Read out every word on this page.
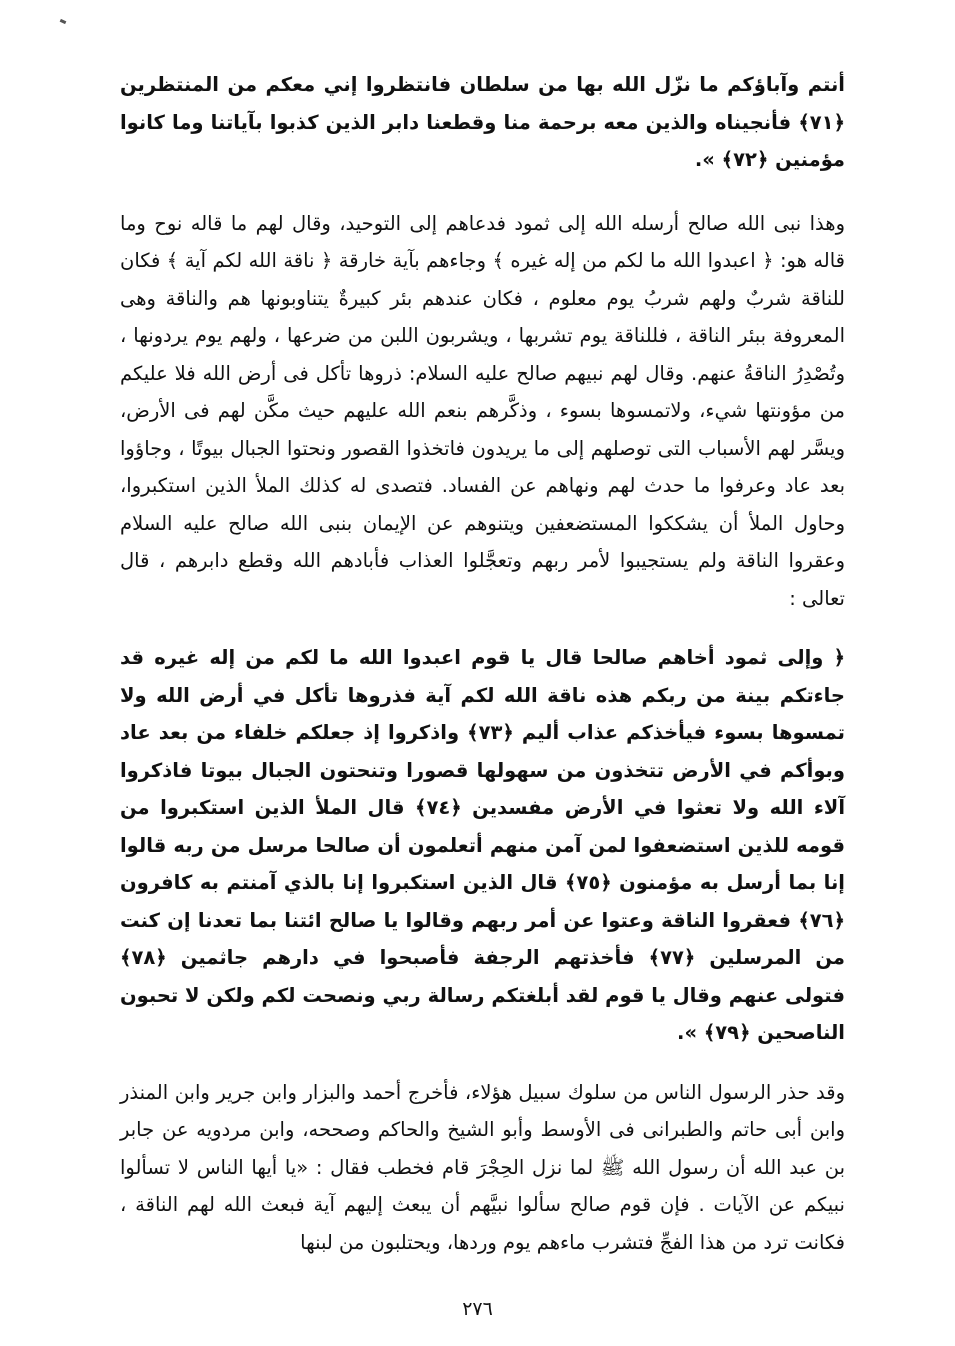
أنتم وآباؤكم ما نزّل الله بها من سلطان فانتظروا إني معكم من المنتظرين ﴿٧١﴾ فأنجيناه والذين معه برحمة منا وقطعنا دابر الذين كذبوا بآياتنا وما كانوا مؤمنين ﴿٧٢﴾ ».

وهذا نبى الله صالح أرسله الله إلى ثمود فدعاهم إلى التوحيد، وقال لهم ما قاله نوح وما قاله هو: ﴿ اعبدوا الله ما لكم من إله غيره ﴾ وجاءهم بآية خارقة ﴿ ناقة الله لكم آية ﴾ فكان للناقة شربٌ ولهم شربُ يوم معلوم ، فكان عندهم بئر كبيرةٌ يتناوبونها هم والناقة وهى المعروفة ببئر الناقة ، فللناقة يوم تشربها ، ويشربون اللبن من ضرعها ، ولهم يوم يردونها ، وتُصْدِرُ الناقةُ عنهم. وقال لهم نبيهم صالح عليه السلام: ذروها تأكل فى أرض الله فلا عليكم من مؤونتها شيء، ولاتمسوها بسوء ، وذكَّرهم بنعم الله عليهم حيث مكَّن لهم فى الأرض، ويسَّر لهم الأسباب التى توصلهم إلى ما يريدون فاتخذوا القصور ونحتوا الجبال بيوتًا ، وجاؤوا بعد عاد وعرفوا ما حدث لهم ونهاهم عن الفساد. فتصدى له كذلك الملأ الذين استكبروا، وحاول الملأ أن يشككوا المستضعفين ويتنوهم عن الإيمان بنبى الله صالح عليه السلام وعقروا الناقة ولم يستجيبوا لأمر ربهم وتعجَّلوا العذاب فأبادهم الله وقطع دابرهم ، قال تعالى :

﴿ وإلى ثمود أخاهم صالحا قال يا قوم اعبدوا الله ما لكم من إله غيره قد جاءتكم بينة من ربكم هذه ناقة الله لكم آية فذروها تأكل في أرض الله ولا تمسوها بسوء فيأخذكم عذاب أليم ﴿٧٣﴾ واذكروا إذ جعلكم خلفاء من بعد عاد وبوأكم في الأرض تتخذون من سهولها قصورا وتنحتون الجبال بيوتا فاذكروا آلاء الله ولا تعثوا في الأرض مفسدين ﴿٧٤﴾ قال الملأ الذين استكبروا من قومه للذين استضعفوا لمن آمن منهم أتعلمون أن صالحا مرسل من ربه قالوا إنا بما أرسل به مؤمنون ﴿٧٥﴾ قال الذين استكبروا إنا بالذي آمنتم به كافرون ﴿٧٦﴾ فعقروا الناقة وعتوا عن أمر ربهم وقالوا يا صالح ائتنا بما تعدنا إن كنت من المرسلين ﴿٧٧﴾ فأخذتهم الرجفة فأصبحوا في دارهم جاثمين ﴿٧٨﴾ فتولى عنهم وقال يا قوم لقد أبلغتكم رسالة ربي ونصحت لكم ولكن لا تحبون الناصحين ﴿٧٩﴾ ».

وقد حذر الرسول الناس من سلوك سبيل هؤلاء، فأخرج أحمد والبزار وابن جرير وابن المنذر وابن أبى حاتم والطبرانى فى الأوسط وأبو الشيخ والحاكم وصححه، وابن مردويه عن جابر بن عبد الله أن رسول الله ﷺ لما نزل الحِجْرَ قام فخطب فقال : «يا أيها الناس لا تسألوا نبيكم عن الآيات . فإن قوم صالح سألوا نبيَّهم أن يبعث إليهم آية فبعث الله لهم الناقة ، فكانت ترد من هذا الفجِّ فتشرب ماءهم يوم وردها، ويحتلبون من لبنها

٢٧٦
